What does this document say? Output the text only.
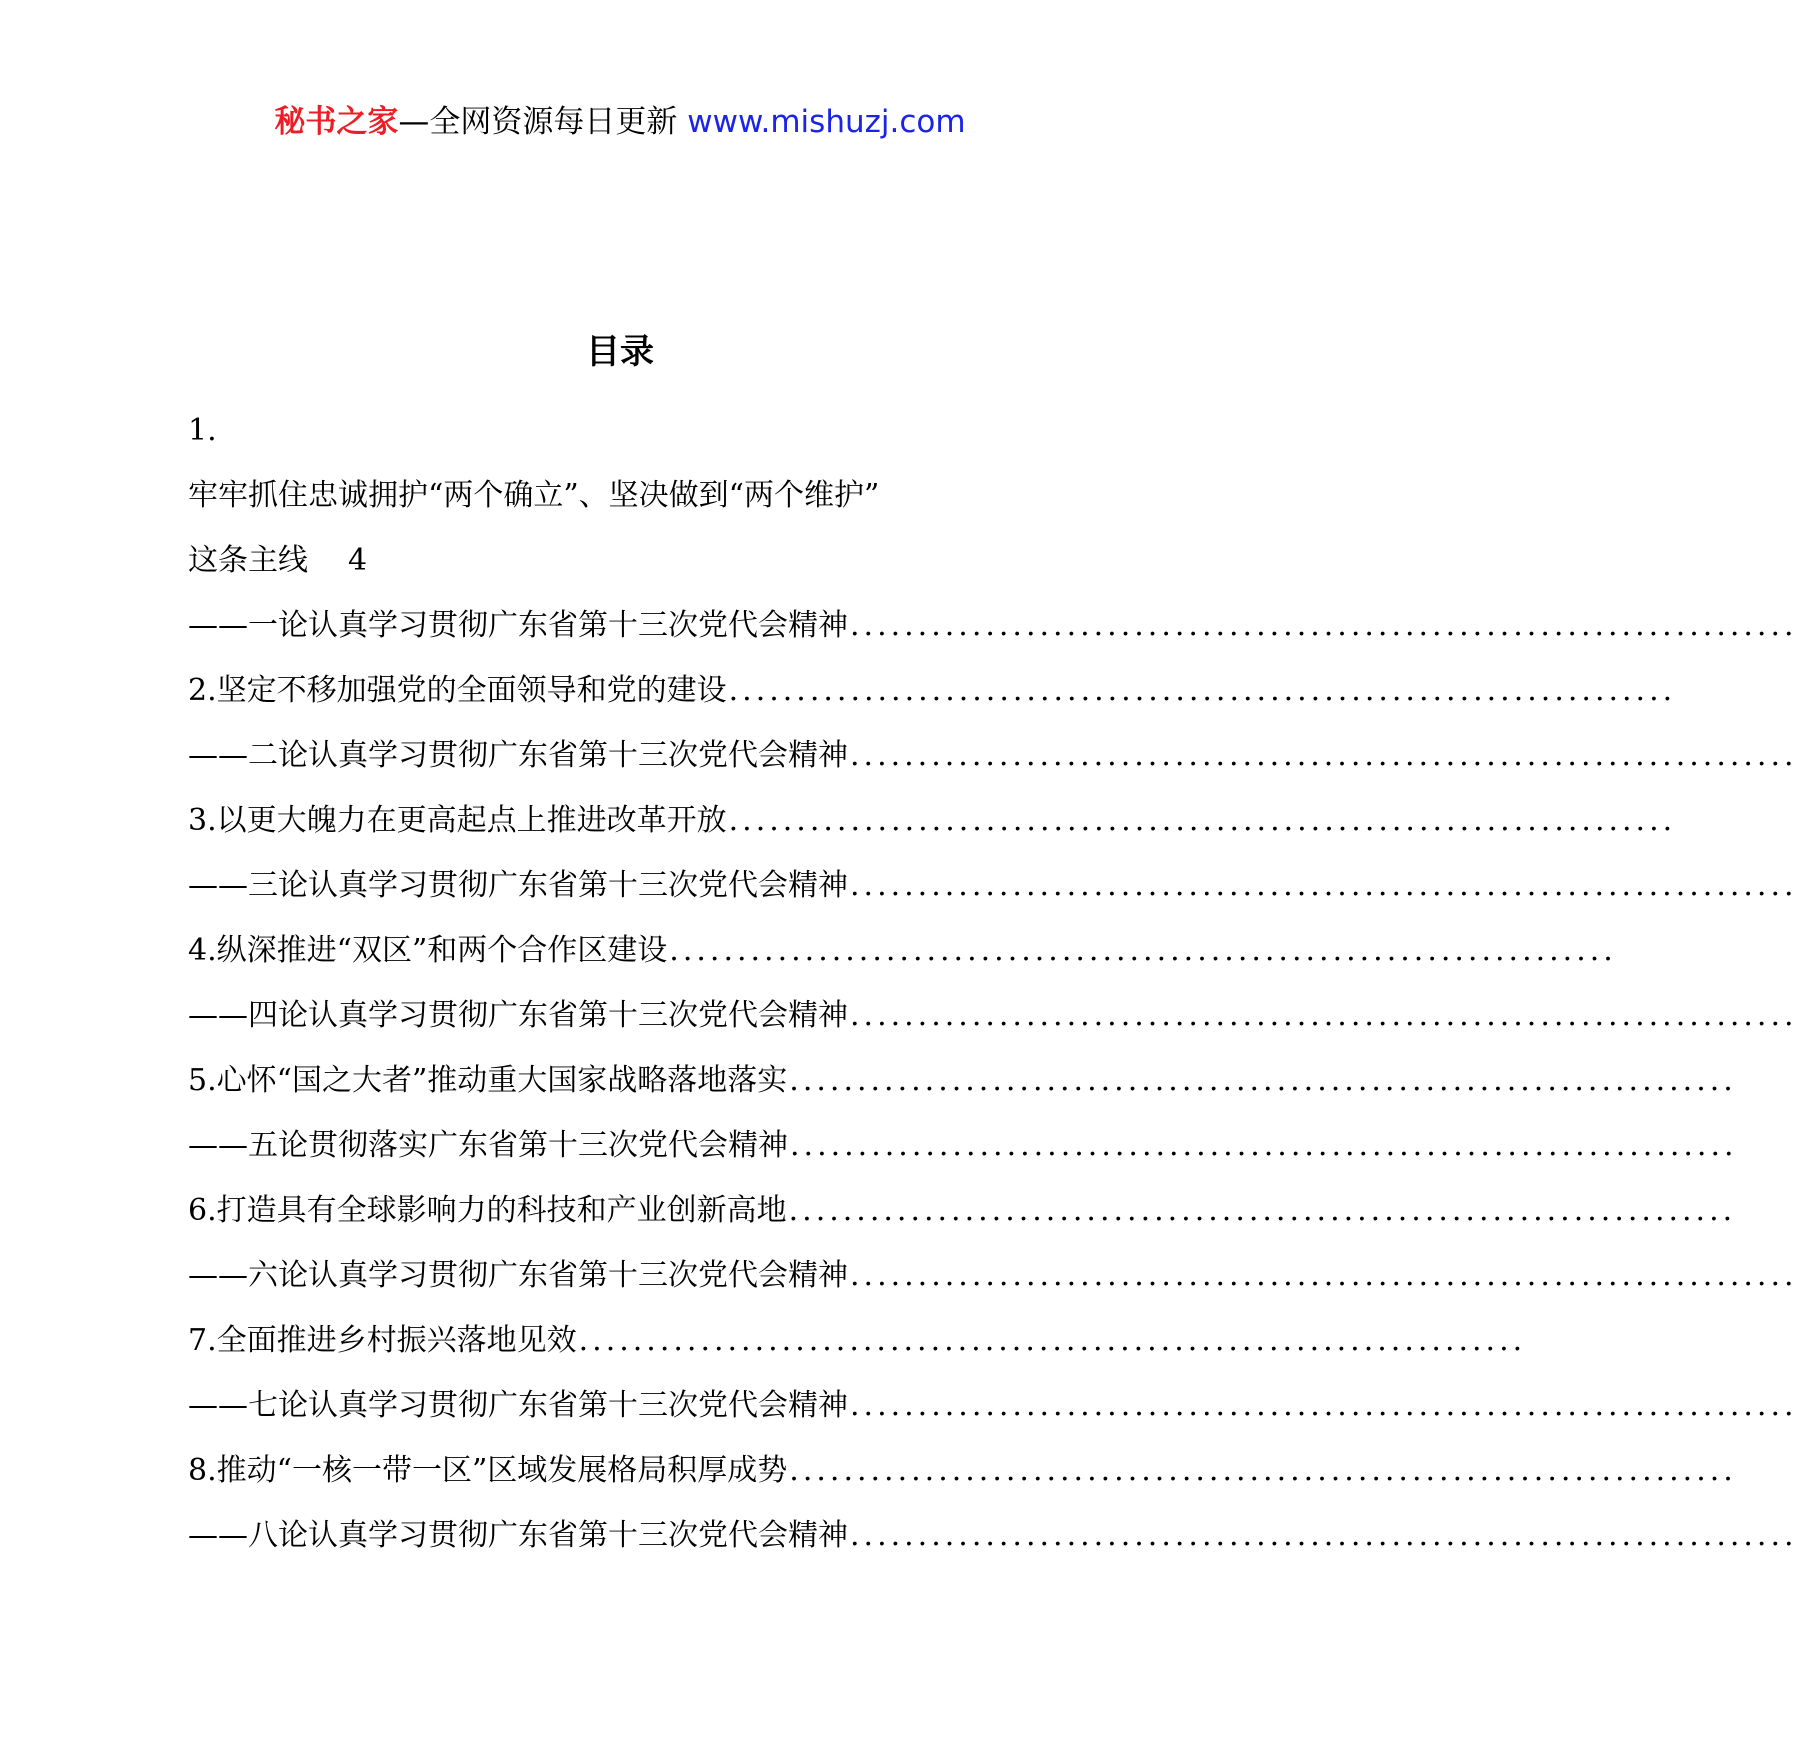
秘书之家—全网资源每日更新 www.mishuzj.com
目录
1.
牢牢抓住忠诚拥护“两个确立”、坚决做到“两个维护”
这条主线 4
——一论认真学习贯彻广东省第十三次党代会精神 ......................................................................
2.坚定不移加强党的全面领导和党的建设 ......................................................................
——二论认真学习贯彻广东省第十三次党代会精神 ......................................................................
3.以更大魄力在更高起点上推进改革开放 ......................................................................
——三论认真学习贯彻广东省第十三次党代会精神 ......................................................................
4.纵深推进“双区”和两个合作区建设 ......................................................................
——四论认真学习贯彻广东省第十三次党代会精神 ......................................................................
5.心怀“国之大者”推动重大国家战略落地落实 ......................................................................
——五论贯彻落实广东省第十三次党代会精神 ......................................................................
6.打造具有全球影响力的科技和产业创新高地 ......................................................................
——六论认真学习贯彻广东省第十三次党代会精神 ......................................................................
7.全面推进乡村振兴落地见效 ......................................................................
——七论认真学习贯彻广东省第十三次党代会精神 ......................................................................
8.推动“一核一带一区”区域发展格局积厚成势 ......................................................................
——八论认真学习贯彻广东省第十三次党代会精神 ......................................................................
